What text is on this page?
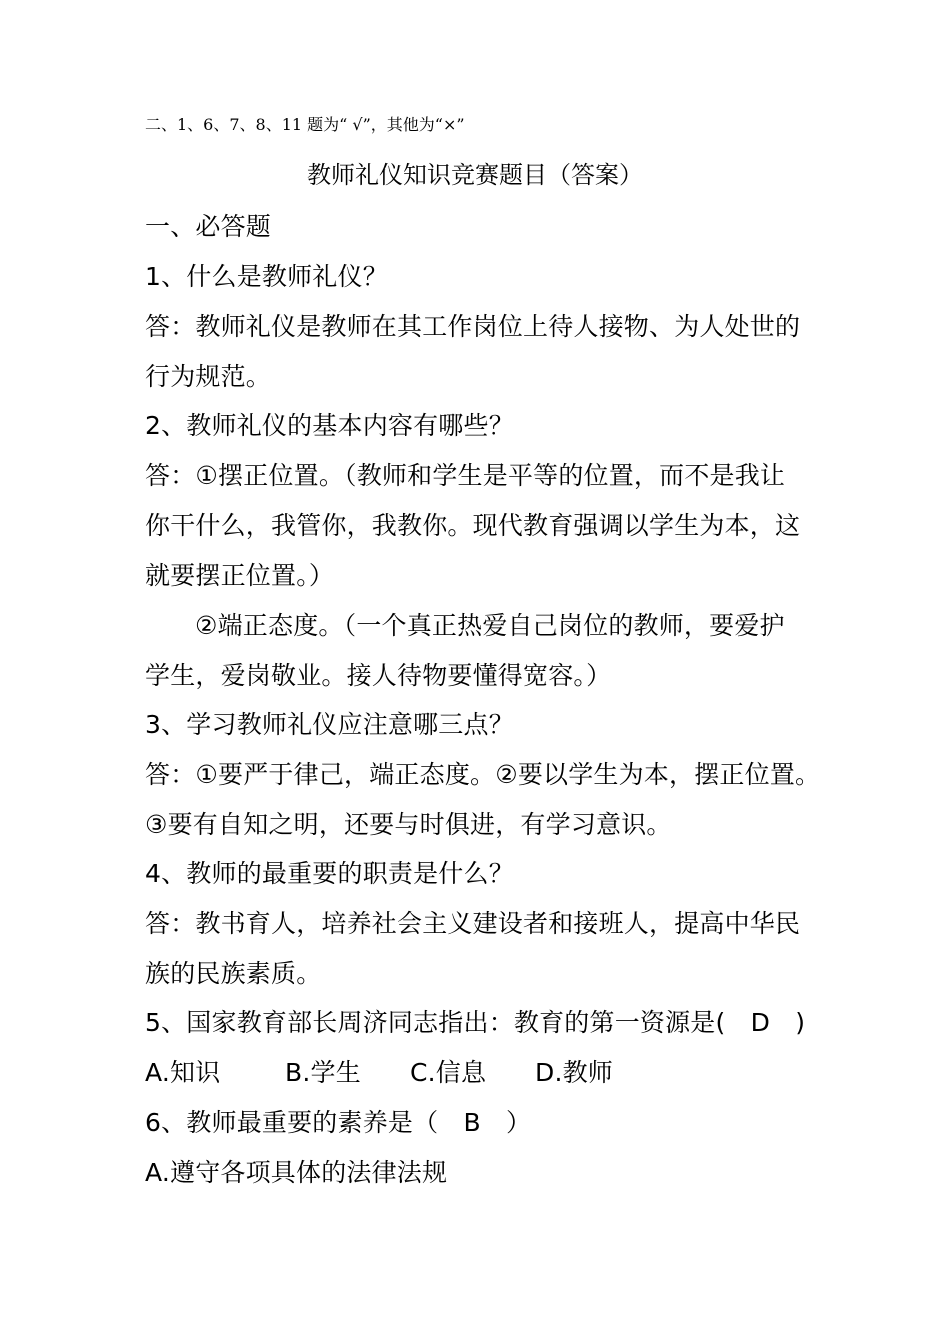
二、1、6、7、8、11 题为“ √”，其他为“×”
教师礼仪知识竞赛题目（答案）
一、必答题
1、什么是教师礼仪？
答：教师礼仪是教师在其工作岗位上待人接物、为人处世的
行为规范。
2、教师礼仪的基本内容有哪些？
答：①摆正位置。（教师和学生是平等的位置，而不是我让
你干什么，我管你，我教你。现代教育强调以学生为本，这
就要摆正位置。）
②端正态度。（一个真正热爱自己岗位的教师，要爱护
学生，爱岗敬业。接人待物要懂得宽容。）
3、学习教师礼仪应注意哪三点？
答：①要严于律己，端正态度。②要以学生为本，摆正位置。
③要有自知之明，还要与时俱进，有学习意识。
4、教师的最重要的职责是什么？
答：教书育人，培养社会主义建设者和接班人，提高中华民
族的民族素质。
5、国家教育部长周济同志指出：教育的第一资源是(　D　)
A.知识	B.学生 C.信息 D.教师
6、教师最重要的素养是（　B　）
A.遵守各项具体的法律法规
